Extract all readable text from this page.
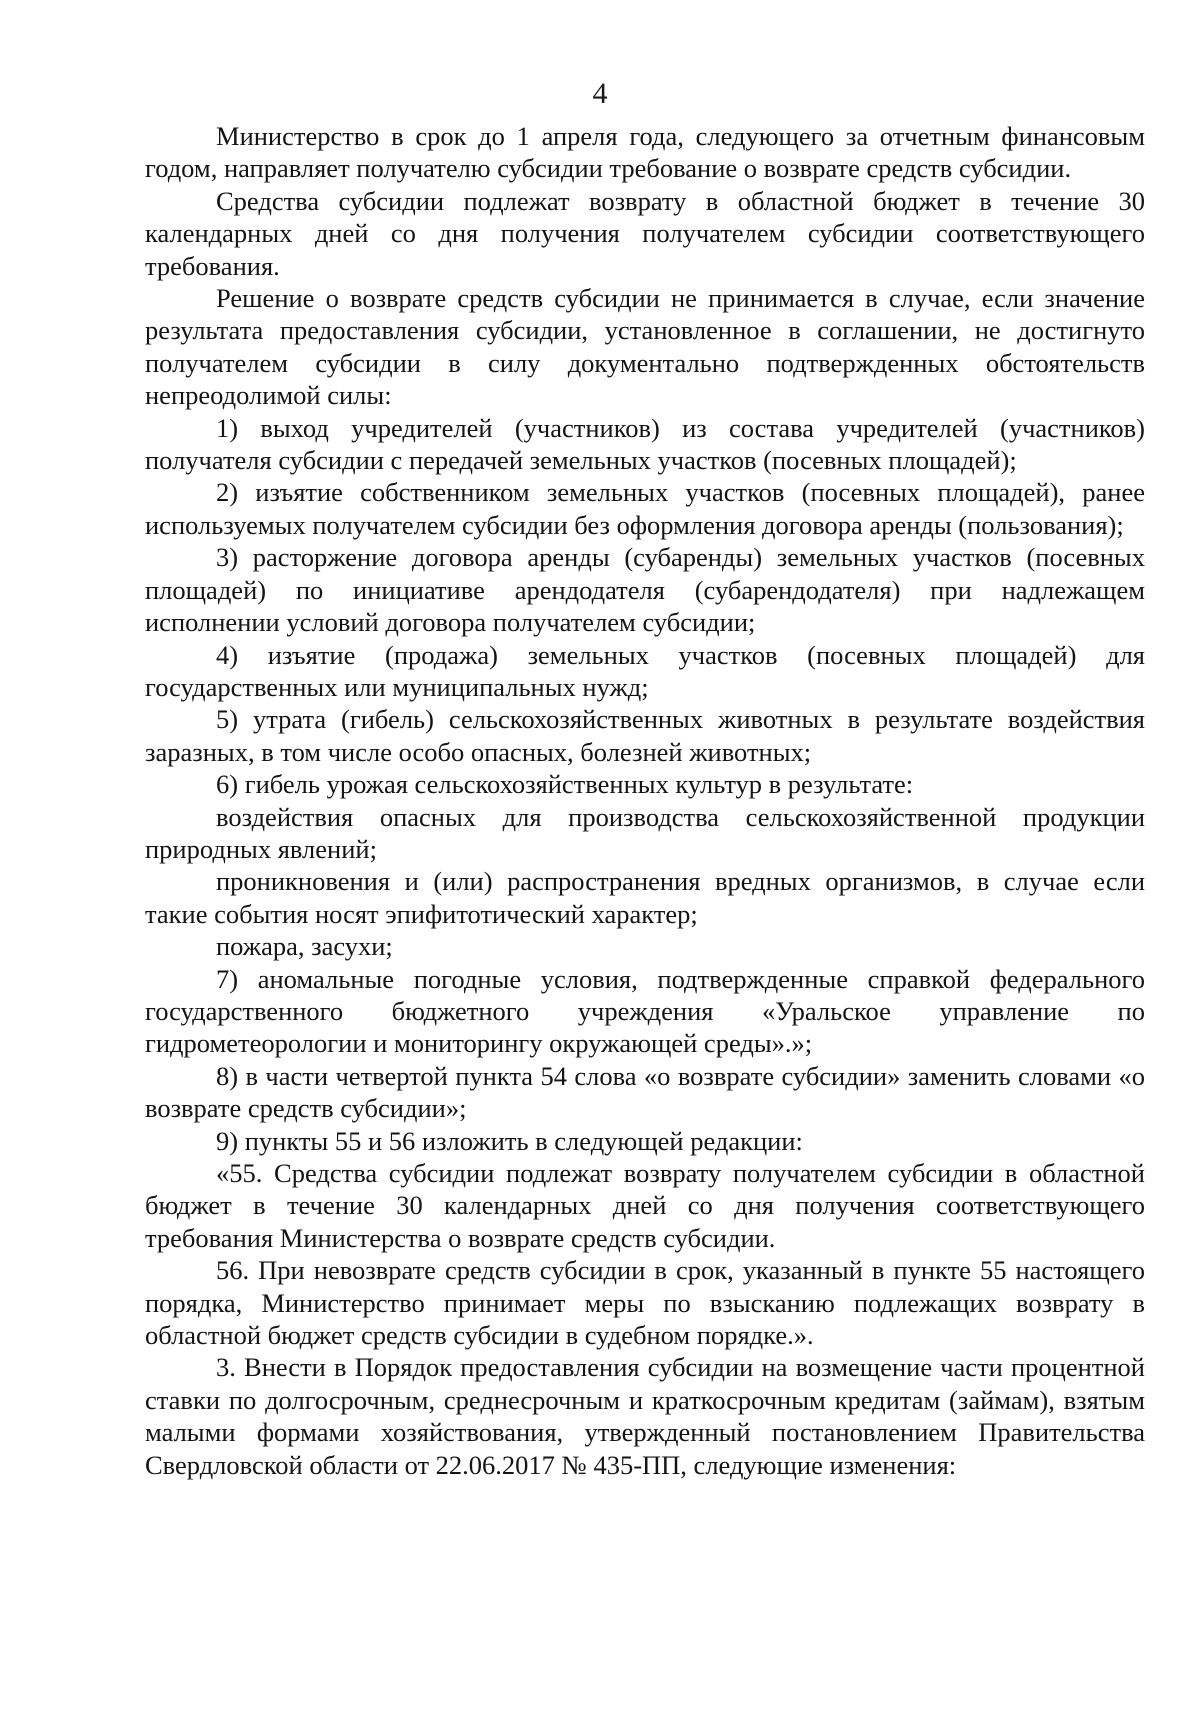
4

Министерство в срок до 1 апреля года, следующего за отчетным финансовым годом, направляет получателю субсидии требование о возврате средств субсидии.

Средства субсидии подлежат возврату в областной бюджет в течение 30 календарных дней со дня получения получателем субсидии соответствующего требования.

Решение о возврате средств субсидии не принимается в случае, если значение результата предоставления субсидии, установленное в соглашении, не достигнуто получателем субсидии в силу документально подтвержденных обстоятельств непреодолимой силы:

1) выход учредителей (участников) из состава учредителей (участников) получателя субсидии с передачей земельных участков (посевных площадей);

2) изъятие собственником земельных участков (посевных площадей), ранее используемых получателем субсидии без оформления договора аренды (пользования);

3) расторжение договора аренды (субаренды) земельных участков (посевных площадей) по инициативе арендодателя (субарендодателя) при надлежащем исполнении условий договора получателем субсидии;

4) изъятие (продажа) земельных участков (посевных площадей) для государственных или муниципальных нужд;

5) утрата (гибель) сельскохозяйственных животных в результате воздействия заразных, в том числе особо опасных, болезней животных;

6) гибель урожая сельскохозяйственных культур в результате:

воздействия опасных для производства сельскохозяйственной продукции природных явлений;

проникновения и (или) распространения вредных организмов, в случае если такие события носят эпифитотический характер;

пожара, засухи;

7) аномальные погодные условия, подтвержденные справкой федерального государственного бюджетного учреждения «Уральское управление по гидрометеорологии и мониторингу окружающей среды».»;

8) в части четвертой пункта 54 слова «о возврате субсидии» заменить словами «о возврате средств субсидии»;

9) пункты 55 и 56 изложить в следующей редакции:

«55. Средства субсидии подлежат возврату получателем субсидии в областной бюджет в течение 30 календарных дней со дня получения соответствующего требования Министерства о возврате средств субсидии.

56. При невозврате средств субсидии в срок, указанный в пункте 55 настоящего порядка, Министерство принимает меры по взысканию подлежащих возврату в областной бюджет средств субсидии в судебном порядке.».

3. Внести в Порядок предоставления субсидии на возмещение части процентной ставки по долгосрочным, среднесрочным и краткосрочным кредитам (займам), взятым малыми формами хозяйствования, утвержденный постановлением Правительства Свердловской области от 22.06.2017 № 435-ПП, следующие изменения:
